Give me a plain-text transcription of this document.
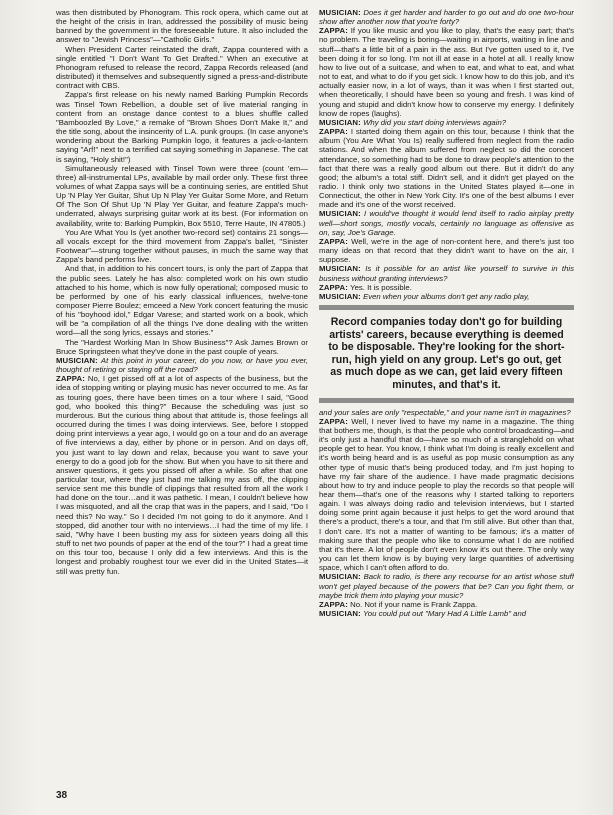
was then distributed by Phonogram. This rock opera, which came out at the height of the crisis in Iran, addressed the possibility of music being banned by the government in the foreseeable future. It also included the answer to "Jewish Princess"—"Catholic Girls."

When President Carter reinstated the draft, Zappa countered with a single entitled "I Don't Want To Get Drafted." When an executive at Phonogram refused to release the record, Zappa Records released (and distributed) it themselves and subsequently signed a press-and-distribute contract with CBS.

Zappa's first release on his newly named Barking Pumpkin Records was Tinsel Town Rebellion, a double set of live material ranging in content from an onstage dance contest to a blues shuffle called "Bamboozled By Love," a remake of "Brown Shoes Don't Make It," and the title song, about the insincerity of L.A. punk groups. (In case anyone's wondering about the Barking Pumpkin logo, it features a jack-o-lantern saying "Arf!" next to a terrified cat saying something in Japanese. The cat is saying, "Holy shit!")

Simultaneously released with Tinsel Town were three (count 'em—three) all-instrumental LPs, available by mail order only. These first three volumes of what Zappa says will be a continuing series, are entitled Shut Up 'N Play Yer Guitar, Shut Up N Play Yer Guitar Some More, and Return Of The Son Of Shut Up 'N Play Yer Guitar, and feature Zappa's much-underrated, always surprising guitar work at its best. (For information on availability, write to: Barking Pumpkin, Box 5510, Terre Haute, IN 47805.)

You Are What You Is (yet another two-record set) contains 21 songs—all vocals except for the third movement from Zappa's ballet, "Sinister Footwear"—strung together without pauses, in much the same way that Zappa's band performs live.

And that, in addition to his concert tours, is only the part of Zappa that the public sees. Lately he has also: completed work on his own studio attached to his home, which is now fully operational; composed music to be performed by one of his early classical influences, twelve-tone composer Pierre Boulez; emceed a New York concert featuring the music of his "boyhood idol," Edgar Varese; and started work on a book, which will be "a compilation of all the things I've done dealing with the written word—all the song lyrics, essays and stories."

The "Hardest Working Man In Show Business"? Ask James Brown or Bruce Springsteen what they've done in the past couple of years.

MUSICIAN: At this point in your career, do you now, or have you ever, thought of retiring or staying off the road?

ZAPPA: No, I get pissed off at a lot of aspects of the business, but the idea of stopping writing or playing music has never occurred to me. As far as touring goes, there have been times on a tour where I said, "Good god, who booked this thing?" Because the scheduling was just so murderous. But the curious thing about that attitude is, those feelings all occurred during the times I was doing interviews. See, before I stopped doing print interviews a year ago, I would go on a tour and do an average of five interviews a day, either by phone or in person. And on days off, you just want to lay down and relax, because you want to save your energy to do a good job for the show. But when you have to sit there and answer questions, it gets you pissed off after a while. So after that one particular tour, where they just had me talking my ass off, the clipping service sent me this bundle of clippings that resulted from all the work I had done on the tour…and it was pathetic. I mean, I couldn't believe how I was misquoted, and all the crap that was in the papers, and I said, "Do I need this? No way." So I decided I'm not going to do it anymore. And I stopped, did another tour with no interviews…I had the time of my life. I said, "Why have I been busting my ass for sixteen years doing all this stuff to net two pounds of paper at the end of the tour?" I had a great time on this tour too, because I only did a few interviews. And this is the longest and probably roughest tour we ever did in the United States—it still was pretty fun.

MUSICIAN: Does it get harder and harder to go out and do one two-hour show after another now that you're forty?

ZAPPA: If you like music and you like to play, that's the easy part; that's no problem. The traveling is boring—waiting in airports, waiting in line and stuff—that's a little bit of a pain in the ass. But I've gotten used to it, I've been doing it for so long. I'm not ill at ease in a hotel at all. I really know how to live out of a suitcase, and when to eat, and what to eat, and what not to eat, and what to do if you get sick. I know how to do this job, and it's actually easier now, in a lot of ways, than it was when I first started out, when theoretically, I should have been so young and fresh. I was kind of young and stupid and didn't know how to conserve my energy. I definitely know de ropes (laughs).

MUSICIAN: Why did you start doing interviews again?

ZAPPA: I started doing them again on this tour, because I think that the album (You Are What You Is) really suffered from neglect from the radio stations. And when the album suffered from neglect so did the concert attendance, so something had to be done to draw people's attention to the fact that there was a really good album out there. But it didn't do any good; the album's a total stiff. Didn't sell, and it didn't get played on the radio. I think only two stations in the United States played it—one in Connecticut, the other in New York City. It's one of the best albums I ever made and it's one of the worst received.

MUSICIAN: I would've thought it would lend itself to radio airplay pretty well—short songs, mostly vocals, certainly no language as offensive as on, say, Joe's Garage.

ZAPPA: Well, we're in the age of non-content here, and there's just too many ideas on that record that they didn't want to have on the air, I suppose.

MUSICIAN: Is it possible for an artist like yourself to survive in this business without granting interviews?

ZAPPA: Yes. It is possible.

MUSICIAN: Even when your albums don't get any radio play,

Record companies today don't go for building artists' careers, because everything is deemed to be disposable. They're looking for the short-run, high yield on any group. Let's go out, get as much dope as we can, get laid every fifteen minutes, and that's it.

and your sales are only "respectable," and your name isn't in magazines?

ZAPPA: Well, I never lived to have my name in a magazine. The thing that bothers me, though, is that the people who control broadcasting—and it's only just a handful that do—have so much of a stranglehold on what people get to hear. You know, I think what I'm doing is really excellent and it's worth being heard and is as useful as pop music consumption as any other type of music that's being produced today, and I'm just hoping to have my fair share of the audience. I have made pragmatic decisions about how to try and induce people to play the records so that people will hear them—that's one of the reasons why I started talking to reporters again. I was always doing radio and television interviews, but I started doing some print again because it just helps to get the word around that there's a product, there's a tour, and that I'm still alive. But other than that, I don't care. It's not a matter of wanting to be famous; it's a matter of making sure that the people who like to consume what I do are notified that it's there. A lot of people don't even know it's out there. The only way you can let them know is by buying very large quantities of advertising space, which I can't often afford to do.

MUSICIAN: Back to radio, is there any recourse for an artist whose stuff won't get played because of the powers that be? Can you fight them, or maybe trick them into playing your music?

ZAPPA: No. Not if your name is Frank Zappa.

MUSICIAN: You could put out "Mary Had A Little Lamb" and

38
